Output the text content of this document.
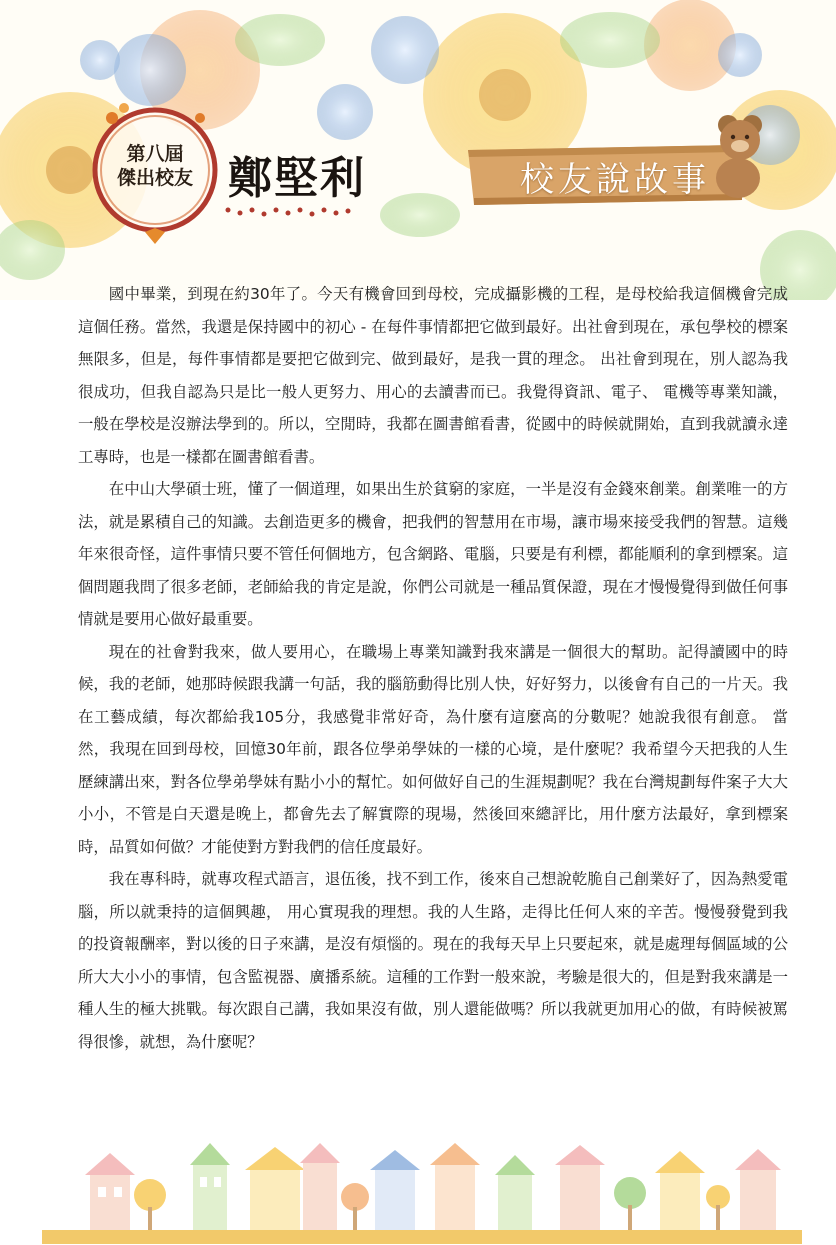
第八屆
傑出校友 鄭堅利	校友說故事

國中畢業，到現在約30年了。今天有機會回到母校，完成攝影機的工程，是母校給我這個機會完成這個任務。當然，我還是保持國中的初心 - 在每件事情都把它做到最好。出社會到現在，承包學校的標案無限多，但是，每件事情都是要把它做到完、做到最好，是我一貫的理念。 出社會到現在，別人認為我很成功，但我自認為只是比一般人更努力、用心的去讀書而已。我覺得資訊、電子、 電機等專業知識，一般在學校是沒辦法學到的。所以，空閒時，我都在圖書館看書，從國中的時候就開始，直到我就讀永達工專時，也是一樣都在圖書館看書。

在中山大學碩士班，懂了一個道理，如果出生於貧窮的家庭，一半是沒有金錢來創業。創業唯一的方法，就是累積自己的知識。去創造更多的機會，把我們的智慧用在市場，讓市場來接受我們的智慧。這幾年來很奇怪，這件事情只要不管任何個地方，包含網路、電腦，只要是有利標，都能順利的拿到標案。這個問題我問了很多老師，老師給我的肯定是說，你們公司就是一種品質保證，現在才慢慢覺得到做任何事情就是要用心做好最重要。

現在的社會對我來，做人要用心，在職場上專業知識對我來講是一個很大的幫助。記得讀國中的時候，我的老師，她那時候跟我講一句話，我的腦筋動得比別人快，好好努力，以後會有自己的一片天。我在工藝成績，每次都給我105分，我感覺非常好奇，為什麼有這麼高的分數呢？她說我很有創意。 當然，我現在回到母校，回憶30年前，跟各位學弟學妹的一樣的心境，是什麼呢？我希望今天把我的人生歷練講出來，對各位學弟學妹有點小小的幫忙。如何做好自己的生涯規劃呢？我在台灣規劃每件案子大大小小，不管是白天還是晚上，都會先去了解實際的現場，然後回來總評比，用什麼方法最好，拿到標案時，品質如何做？才能使對方對我們的信任度最好。

我在專科時，就專攻程式語言，退伍後，找不到工作，後來自己想說乾脆自己創業好了，因為熱愛電腦，所以就秉持的這個興趣， 用心實現我的理想。我的人生路，走得比任何人來的辛苦。慢慢發覺到我的投資報酬率，對以後的日子來講，是沒有煩惱的。現在的我每天早上只要起來，就是處理每個區域的公所大大小小的事情，包含監視器、廣播系統。這種的工作對一般來說，考驗是很大的，但是對我來講是一種人生的極大挑戰。每次跟自己講，我如果沒有做，別人還能做嗎？所以我就更加用心的做，有時候被罵得很慘，就想，為什麼呢？
